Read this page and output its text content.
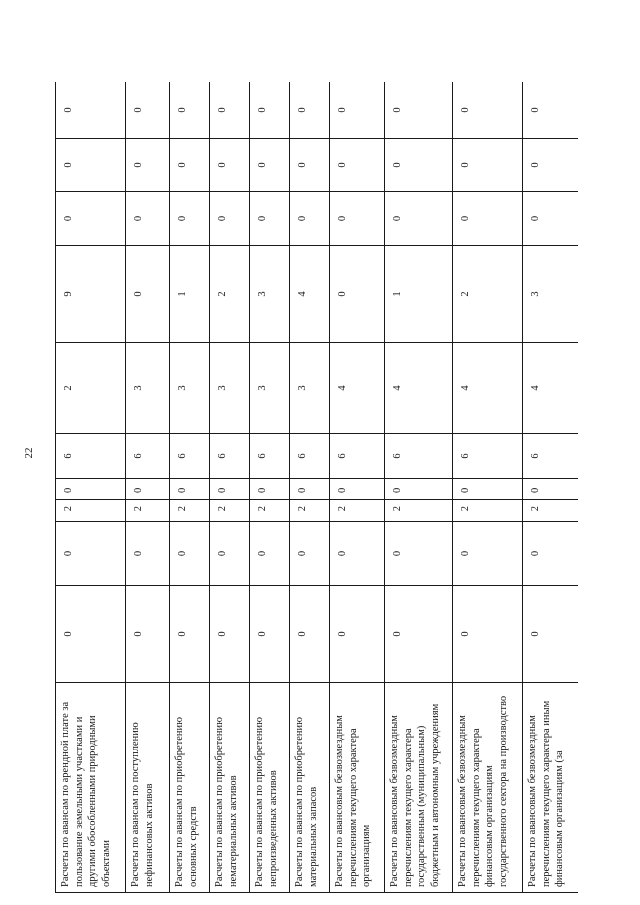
22
Расчеты по авансам по арендной плате за пользование земельными участками и другими обособленными природными объектами	0	0	2	0	6	2	9	0	0	0
Расчеты по авансам по поступлению нефинансовых активов	0	0	2	0	6	3	0	0	0	0
Расчеты по авансам по приобретению основных средств	0	0	2	0	6	3	1	0	0	0
Расчеты по авансам по приобретению нематериальных активов	0	0	2	0	6	3	2	0	0	0
Расчеты по авансам по приобретению непроизведенных активов	0	0	2	0	6	3	3	0	0	0
Расчеты по авансам по приобретению материальных запасов	0	0	2	0	6	3	4	0	0	0
Расчеты по авансовым безвозмездным перечислениям текущего характера организациям	0	0	2	0	6	4	0	0	0	0
Расчеты по авансовым безвозмездным перечислениям текущего характера государственным (муниципальным) бюджетным и автономным учреждениям	0	0	2	0	6	4	1	0	0	0
Расчеты по авансовым безвозмездным перечислениям текущего характера финансовым организациям государственного сектора на производство	0	0	2	0	6	4	2	0	0	0
Расчеты по авансовым безвозмездным перечислениям текущего характера иным финансовым организациям (за	0	0	2	0	6	4	3	0	0	0
